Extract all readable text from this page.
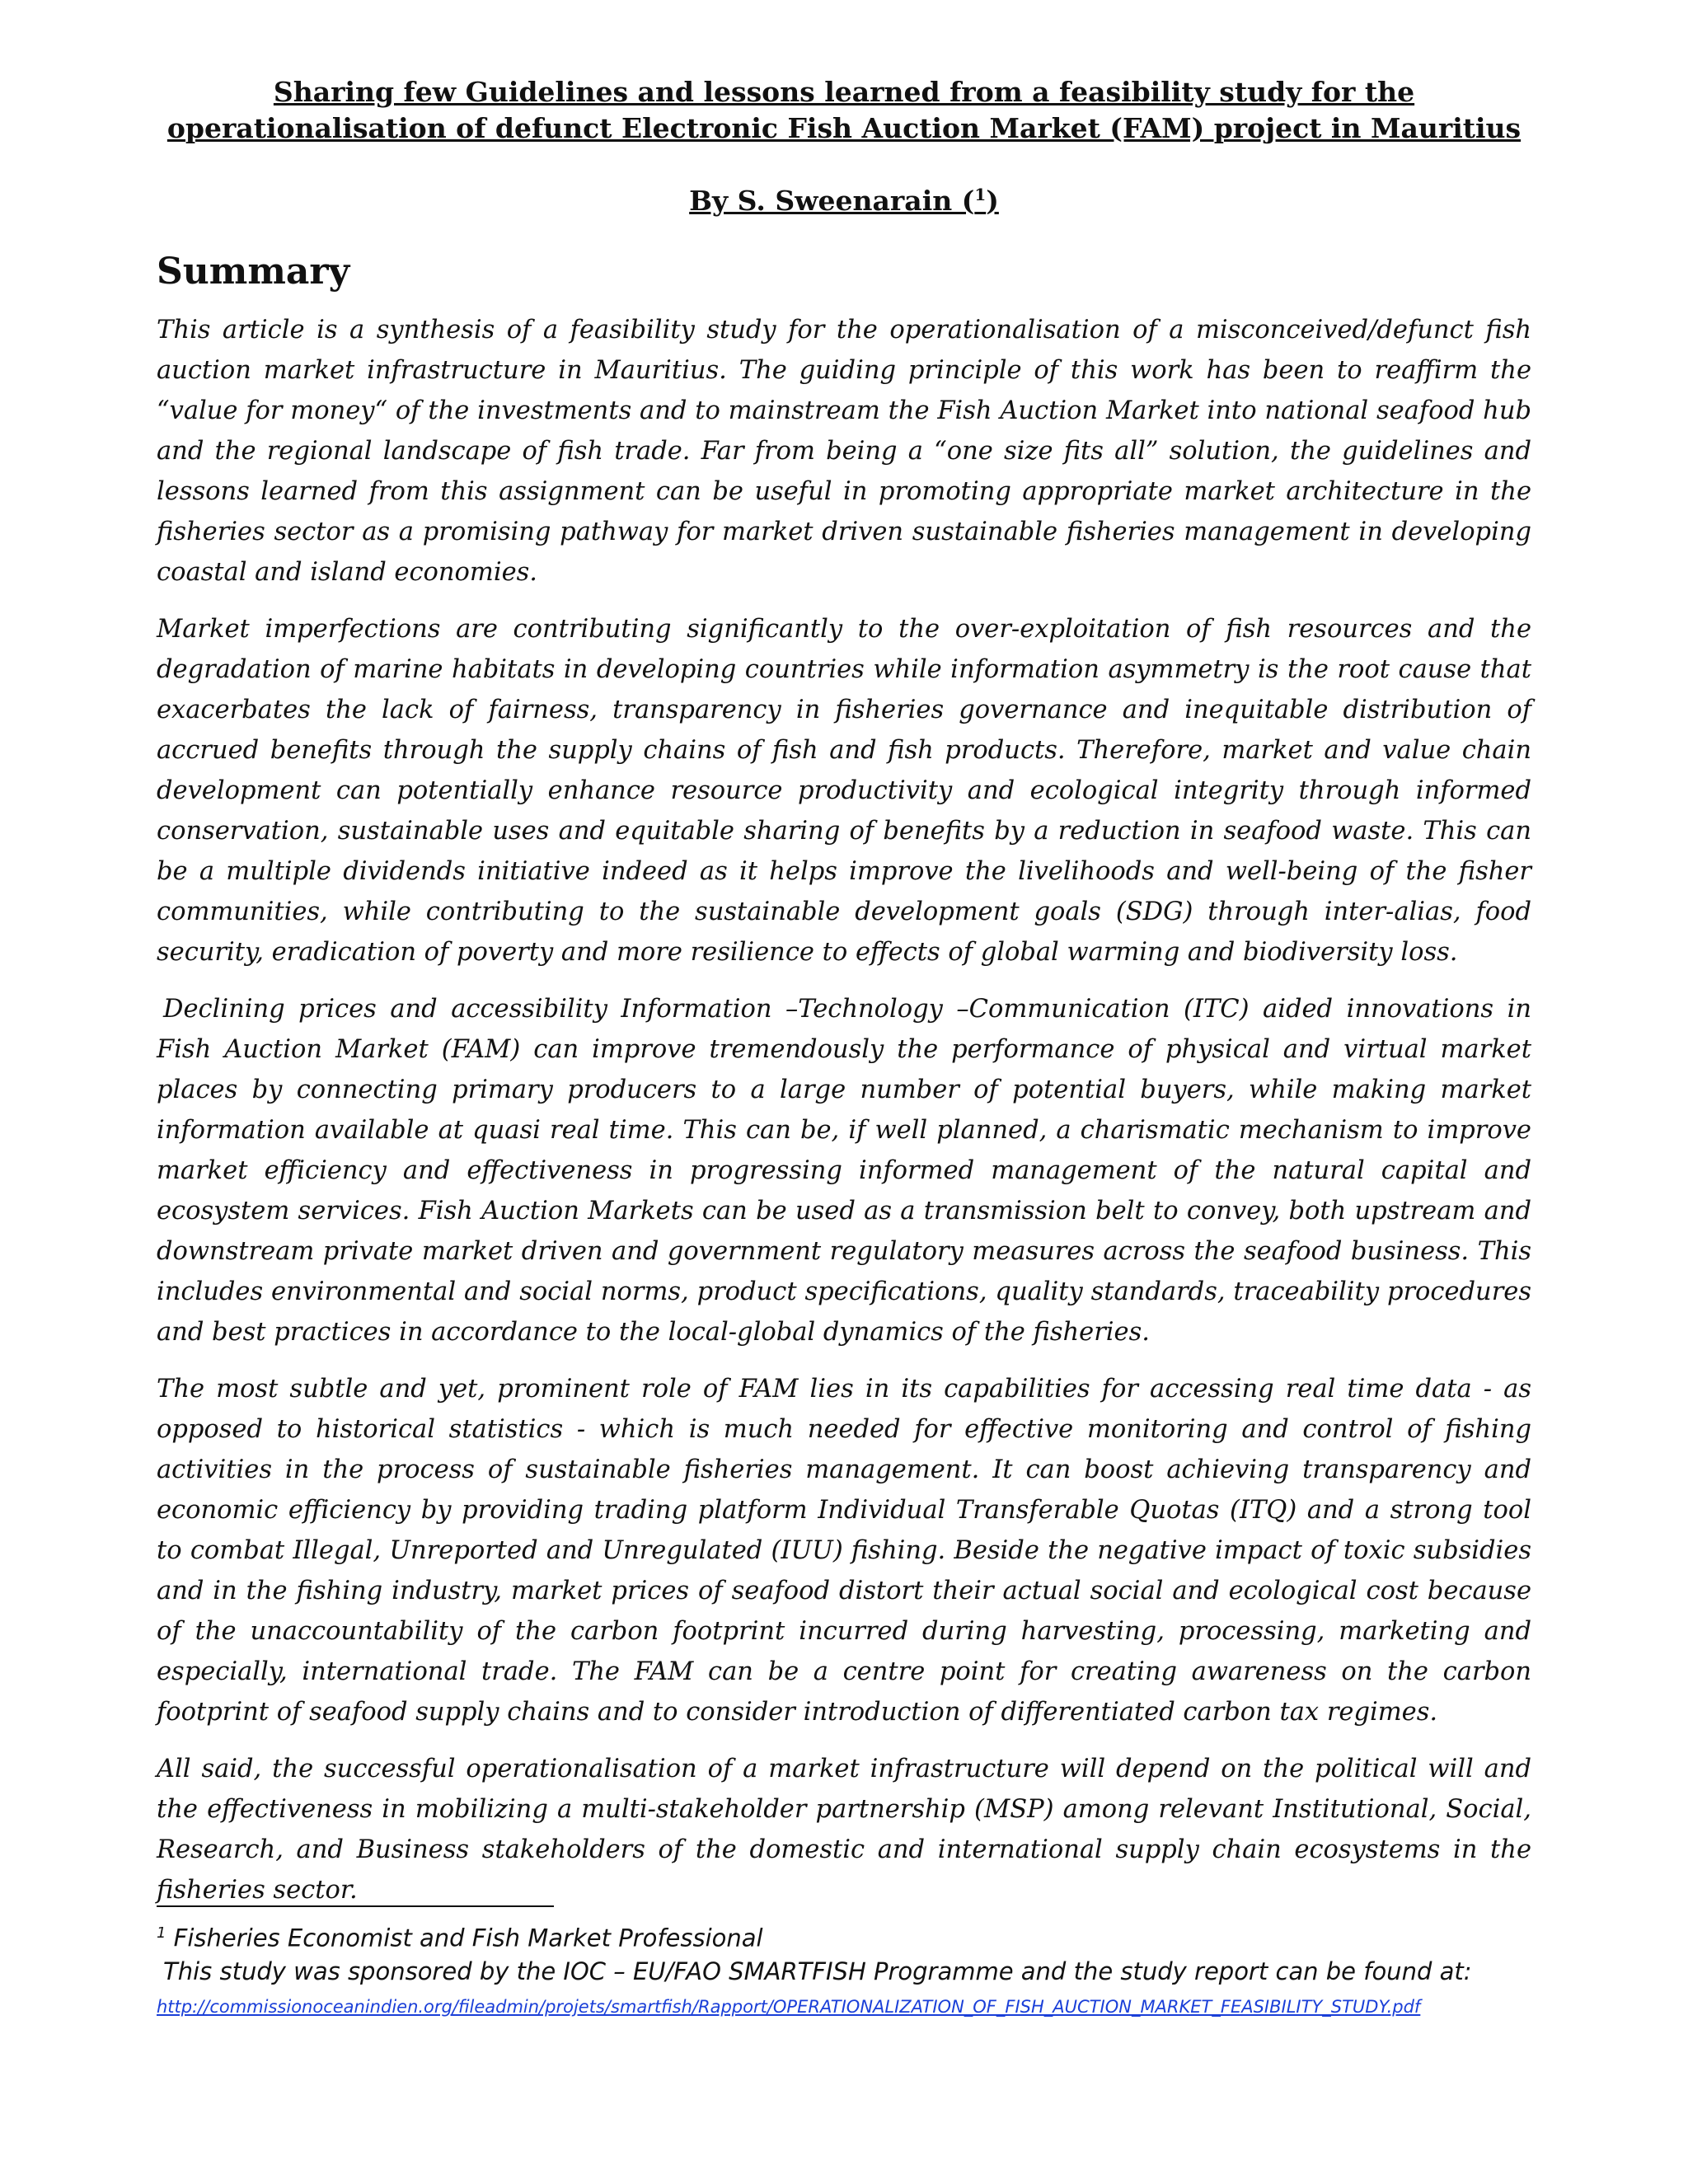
Sharing few Guidelines and lessons learned from a feasibility study for the operationalisation of defunct Electronic Fish Auction Market (FAM) project in Mauritius
By S. Sweenarain ($^1$)
Summary

This article is a synthesis of a feasibility study for the operationalisation of a misconceived/defunct fish auction market infrastructure in Mauritius. The guiding principle of this work has been to reaffirm the “value for money“ of the investments and to mainstream the Fish Auction Market into national seafood hub and the regional landscape of fish trade. Far from being a “one size fits all” solution, the guidelines and lessons learned from this assignment can be useful in promoting appropriate market architecture in the fisheries sector as a promising pathway for market driven sustainable fisheries management in developing coastal and island economies.

Market imperfections are contributing significantly to the over-exploitation of fish resources and the degradation of marine habitats in developing countries while information asymmetry is the root cause that exacerbates the lack of fairness, transparency in fisheries governance and inequitable distribution of accrued benefits through the supply chains of fish and fish products. Therefore, market and value chain development can potentially enhance resource productivity and ecological integrity through informed conservation, sustainable uses and equitable sharing of benefits by a reduction in seafood waste. This can be a multiple dividends initiative indeed as it helps improve the livelihoods and well-being of the fisher communities, while contributing to the sustainable development goals (SDG) through inter-alias, food security, eradication of poverty and more resilience to effects of global warming and biodiversity loss.

Declining prices and accessibility Information –Technology –Communication (ITC) aided innovations in Fish Auction Market (FAM) can improve tremendously the performance of physical and virtual market places by connecting primary producers to a large number of potential buyers, while making market information available at quasi real time. This can be, if well planned, a charismatic mechanism to improve market efficiency and effectiveness in progressing informed management of the natural capital and ecosystem services. Fish Auction Markets can be used as a transmission belt to convey, both upstream and downstream private market driven and government regulatory measures across the seafood business. This includes environmental and social norms, product specifications, quality standards, traceability procedures and best practices in accordance to the local-global dynamics of the fisheries.

The most subtle and yet, prominent role of FAM lies in its capabilities for accessing real time data - as opposed to historical statistics - which is much needed for effective monitoring and control of fishing activities in the process of sustainable fisheries management. It can boost achieving transparency and economic efficiency by providing trading platform Individual Transferable Quotas (ITQ) and a strong tool to combat Illegal, Unreported and Unregulated (IUU) fishing. Beside the negative impact of toxic subsidies and in the fishing industry, market prices of seafood distort their actual social and ecological cost because of the unaccountability of the carbon footprint incurred during harvesting, processing, marketing and especially, international trade. The FAM can be a centre point for creating awareness on the carbon footprint of seafood supply chains and to consider introduction of differentiated carbon tax regimes.

All said, the successful operationalisation of a market infrastructure will depend on the political will and the effectiveness in mobilizing a multi-stakeholder partnership (MSP) among relevant Institutional, Social, Research, and Business stakeholders of the domestic and international supply chain ecosystems in the fisheries sector.

$^1$ Fisheries Economist and Fish Market Professional
This study was sponsored by the IOC – EU/FAO SMARTFISH Programme and the study report can be found at:
http://commissionoceanindien.org/fileadmin/projets/smartfish/Rapport/OPERATIONALIZATION_OF_FISH_AUCTION_MARKET_FEASIBILITY_STUDY.pdf
